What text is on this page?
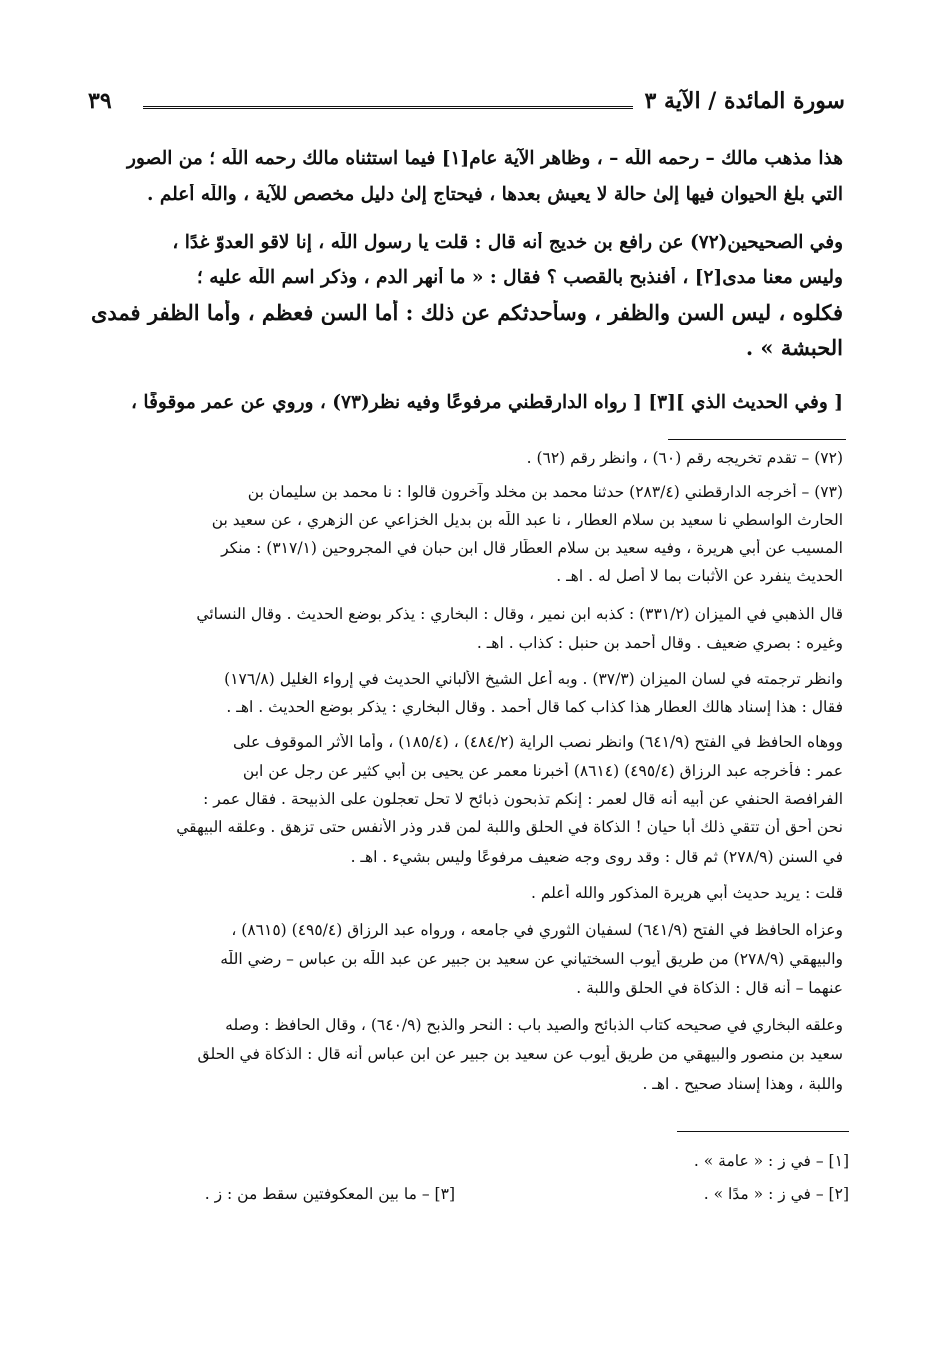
٣٩	سورة المائدة / الآية ٣
هذا مذهب مالك – رحمه اللّٰه – ، وظاهر الآية عام[١] فيما استثناه مالك رحمه اللّٰه ؛ من الصور
التي بلغ الحيوان فيها إلىٰ حالة لا يعيش بعدها ، فيحتاج إلىٰ دليل مخصص للآية ، واللّٰه أعلم .
وفي الصحيحين(٧٢) عن رافع بن خديج أنه قال : قلت يا رسول اللّٰه ، إنا لاقو العدوّ غدًا ،
وليس معنا مدى[٢] ، أفنذبح بالقصب ؟ فقال : « ما أنهر الدم ، وذكر اسم اللّٰه عليه ؛
فكلوه ، ليس السن والظفر ، وسأحدثكم عن ذلك : أما السن فعظم ، وأما الظفر فمدى
الحبشة » .
[ وفي الحديث الذي ][٣] [ رواه الدارقطني مرفوعًا وفيه نظر(٧٣) ، وروي عن عمر موقوفًا ،
(٧٢) – تقدم تخريجه رقم (٦٠) ، وانظر رقم (٦٢) .
(٧٣) – أخرجه الدارقطني (٢٨٣/٤) حدثنا محمد بن مخلد وآخرون قالوا : نا محمد بن سليمان بن
الحارث الواسطي نا سعيد بن سلام العطار ، نا عبد اللّٰه بن بديل الخزاعي عن الزهري ، عن سعيد بن
المسيب عن أبي هريرة ، وفيه سعيد بن سلام العطّار قال ابن حبان في المجروحين (٣١٧/١) : منكر
الحديث ينفرد عن الأثبات بما لا أصل له . اهـ .
قال الذهبي في الميزان (٣٣١/٢) : كذبه ابن نمير ، وقال : البخاري : يذكر بوضع الحديث . وقال النسائي
وغيره : بصري ضعيف . وقال أحمد بن حنبل : كذاب . اهـ .
وانظر ترجمته في لسان الميزان (٣٧/٣) . وبه أعل الشيخ الألباني الحديث في إرواء الغليل (١٧٦/٨)
فقال : هذا إسناد هالك العطار هذا كذاب كما قال أحمد . وقال البخاري : يذكر بوضع الحديث . اهـ .
ووهاه الحافظ في الفتح (٦٤١/٩) وانظر نصب الراية (٤٨٤/٢) ، (١٨٥/٤) ، وأما الأثر الموقوف على
عمر : فأخرجه عبد الرزاق (٤٩٥/٤) (٨٦١٤) أخبرنا معمر عن يحيى بن أبي كثير عن رجل عن ابن
الفرافصة الحنفي عن أبيه أنه قال لعمر : إنكم تذبحون ذبائح لا تحل تعجلون على الذبيحة . فقال عمر :
نحن أحق أن تتقي ذلك أبا حيان ! الذكاة في الحلق واللبة لمن قدر وذر الأنفس حتى تزهق . وعلقه البيهقي
في السنن (٢٧٨/٩) ثم قال : وقد روى وجه ضعيف مرفوعًا وليس بشيء . اهـ .
قلت : يريد حديث أبي هريرة المذكور والله أعلم .
وعزاه الحافظ في الفتح (٦٤١/٩) لسفيان الثوري في جامعه ، ورواه عبد الرزاق (٤٩٥/٤) (٨٦١٥) ،
والبيهقي (٢٧٨/٩) من طريق أيوب السختياني عن سعيد بن جبير عن عبد اللّٰه بن عباس – رضي اللّٰه
عنهما – أنه قال : الذكاة في الحلق واللبة .
وعلقه البخاري في صحيحه كتاب الذبائح والصيد باب : النحر والذبح (٦٤٠/٩) ، وقال الحافظ : وصله
سعيد بن منصور والبيهقي من طريق أيوب عن سعيد بن جبير عن ابن عباس أنه قال : الذكاة في الحلق
واللبة ، وهذا إسناد صحيح . اهـ .
[١] – في ز : « عامة » .
[٢] – في ز : « مدًا » .
[٣] – ما بين المعكوفتين سقط من : ز .
